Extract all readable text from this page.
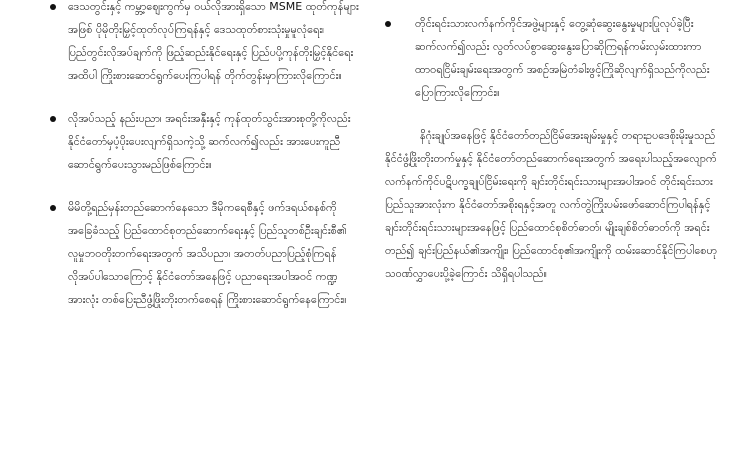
ဒေသတွင်းနှင့် ကမ္ဘာ့ဈေးကွက်မှ ဝယ်လိုအားရှိသော MSME ထုတ်ကုန်များအဖြစ် ပိုမိုတိုးမြှင့်ထုတ်လုပ်ကြရန်နှင့် ဒေသထုတ်စားသုံးမှုမူလုံရေး၊ ပြည်တွင်းလိုအပ်ချက်ကို ဖြည့်ဆည်းနိုင်ရေးနှင့် ပြည်ပပို့ကုန်တိုးမြှင့်နိုင်ရေးအထိပါ ကြိုးစားဆောင်ရွက်ပေးကြပါရန် တိုက်တွန်းမှာကြားလိုကြောင်း။
လိုအပ်သည့် နည်းပညာ၊ အရင်းအနှီးနှင့် ကုန်ထုတ်သွင်းအားစုတို့ကိုလည်း နိုင်ငံတော်မှပံ့ပိုးပေးလျက်ရှိသကဲ့သို့ ဆက်လက်၍လည်း အားပေးကူညီဆောင်ရွက်ပေးသွားမည်ဖြစ်ကြောင်း။
မိမိတို့ရည်မှန်းတည်ဆောက်နေသော ဒီမိုကရေစီနှင့် ဖက်ဒရယ်စနစ်ကိုအခြေခံသည့် ပြည်ထောင်စုတည်ဆောက်ရေးနှင့် ပြည်သူတစ်ဦးချင်းစီ၏ လူမှုဘဝတိုးတက်ရေးအတွက် အသိပညာ၊ အတတ်ပညာပြည့်စုံကြရန် လိုအပ်ပါသောကြောင့် နိုင်ငံတော်အနေဖြင့် ပညာရေးအပါအဝင် ကဏ္ဍအားလုံး တစ်ပြေးညီဖွံ့ဖြိုးတိုးတက်စေရန် ကြိုးစားဆောင်ရွက်နေကြောင်း။
တိုင်းရင်းသားလက်နက်ကိုင်အဖွဲ့များနှင့် တွေ့ဆုံဆွေးနွေးမှုများပြုလုပ်ခဲ့ပြီး ဆက်လက်၍လည်း လွတ်လပ်စွာဆွေးနွေးပြောဆိုကြရန်ကမ်းလှမ်းထားကာ ထာဝရငြိမ်းချမ်းရေးအတွက် အစဉ်အမြဲတံခါးဖွင့်ကြိုဆိုလျက်ရှိသည်ကိုလည်း ပြောကြားလိုကြောင်း။
နိဂုံးချုပ်အနေဖြင့် နိုင်ငံတော်တည်ငြိမ်အေးချမ်းမှုနှင့် တရားဥပဒေစိုးမိုးမှုသည် နိုင်ငံဖွံ့ဖြိုးတိုးတက်မှုနှင့် နိုင်ငံတော်တည်ဆောက်ရေးအတွက် အရေးပါသည့်အလျောက် လက်နက်ကိုင်ပဋိပက္ခချုပ်ငြိမ်းရေးကို ချင်းတိုင်းရင်းသားများအပါအဝင် တိုင်းရင်းသားပြည်သူအားလုံးက နိုင်ငံတော်အစိုးရနှင့်အတူ လက်တွဲကြိုးပမ်းဖော်ဆောင်ကြပါရန်နှင့် ချင်းတိုင်းရင်းသားများအနေဖြင့် ပြည်ထောင်စုစိတ်ဓာတ်၊ မျိုးချစ်စိတ်ဓာတ်ကို အရင်းတည်၍ ချင်းပြည်နယ်၏အကျိုး၊ ပြည်ထောင်စု၏အကျိုးကို ထမ်းဆောင်နိုင်ကြပါစေဟု သဝဏ်လွှာပေးပို့ခဲ့ကြောင်း သိရှိရပါသည်။
